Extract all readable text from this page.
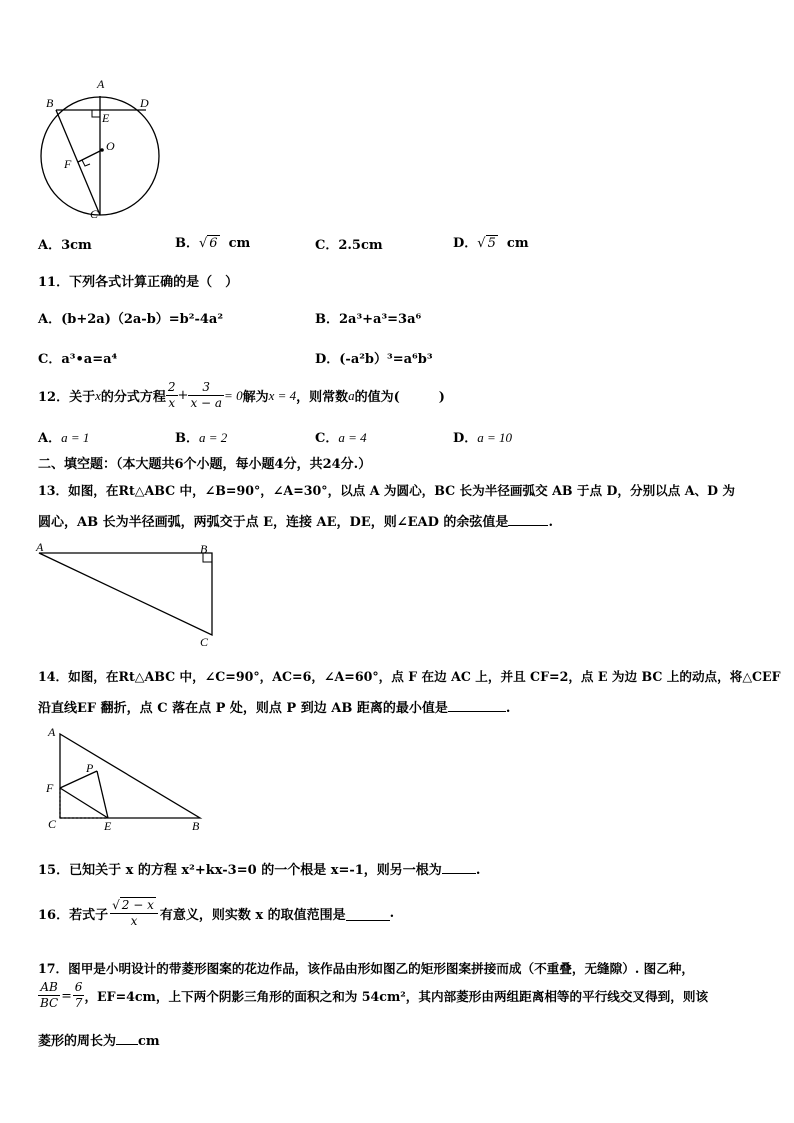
A
B	D
E
O
F
C
A．3cm	B．√ 6 cm	C．2.5cm	D．√ 5 cm
11．下列各式计算正确的是（　）
A．(b+2a)（2a-b）=b²-4a²	B．2a³+a³=3a⁶
C．a³•a=a⁴	D．(-a²b）³=a⁶b³
12．关于 x 的分式方程 $\frac{2}{x} + \frac{3}{x - a} = 0$ 解为 x = 4 ，则常数 a 的值为(　　　)
A．a = 1	B．a = 2	C．a = 4	D．a = 10
二、填空题：（本大题共6个小题，每小题4分，共24分.）
13．如图，在Rt△ABC 中，∠B=90°，∠A=30°，以点 A 为圆心，BC 长为半径画弧交 AB 于点 D，分别以点 A、D 为
圆心，AB 长为半径画弧，两弧交于点 E，连接 AE，DE，则∠EAD 的余弦值是	.
A	B
C
14．如图，在Rt△ABC 中，∠C=90°，AC=6，∠A=60°，点 F 在边 AC 上，并且 CF=2，点 E 为边 BC 上的动点，将△CEF
沿直线EF 翻折，点 C 落在点 P 处，则点 P 到边 AB 距离的最小值是	.
A
P
F
C	E	B
15．已知关于 x 的方程 x²+kx-3=0 的一个根是 x=-1，则另一根为	.
16．若式子 $\frac{√ 2 - x}{x}$ 有意义，则实数 x 的取值范围是	.
17．图甲是小明设计的带菱形图案的花边作品，该作品由形如图乙的矩形图案拼接而成（不重叠，无缝隙）. 图乙种，
$\frac{AB}{BC} = \frac{6}{7}$ ，EF=4cm，上下两个阴影三角形的面积之和为 54cm²，其内部菱形由两组距离相等的平行线交叉得到，则该
菱形的周长为 cm
